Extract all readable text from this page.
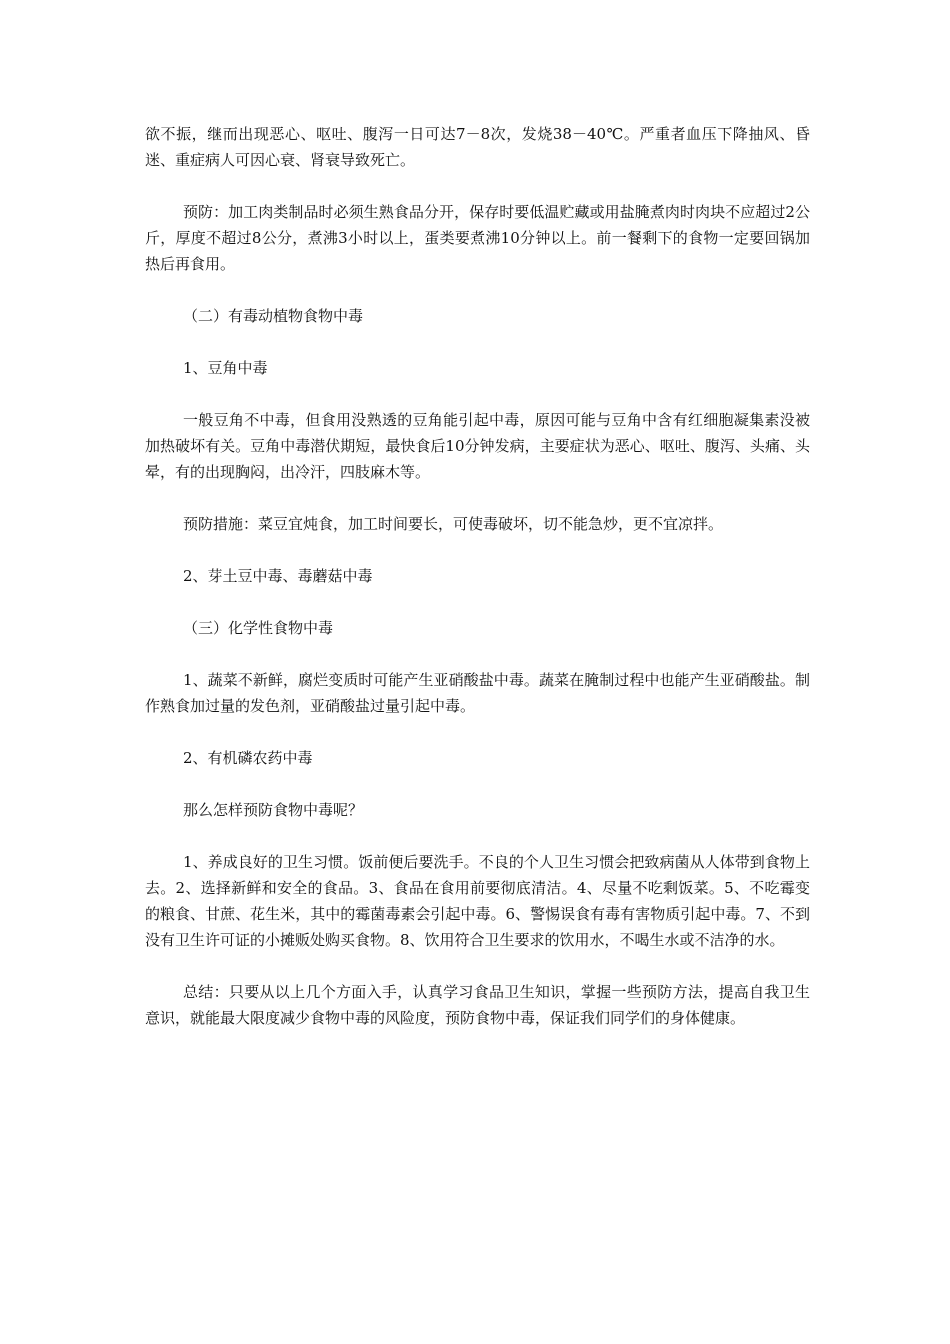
欲不振，继而出现恶心、呕吐、腹泻一日可达7－8次，发烧38－40℃。严重者血压下降抽风、昏迷、重症病人可因心衰、肾衰导致死亡。

预防：加工肉类制品时必须生熟食品分开，保存时要低温贮藏或用盐腌煮肉时肉块不应超过2公斤，厚度不超过8公分，煮沸3小时以上，蛋类要煮沸10分钟以上。前一餐剩下的食物一定要回锅加热后再食用。

（二）有毒动植物食物中毒

1、豆角中毒

一般豆角不中毒，但食用没熟透的豆角能引起中毒，原因可能与豆角中含有红细胞凝集素没被加热破坏有关。豆角中毒潜伏期短，最快食后10分钟发病，主要症状为恶心、呕吐、腹泻、头痛、头晕，有的出现胸闷，出冷汗，四肢麻木等。

预防措施：菜豆宜炖食，加工时间要长，可使毒破坏，切不能急炒，更不宜凉拌。

2、芽土豆中毒、毒蘑菇中毒

（三）化学性食物中毒

1、蔬菜不新鲜，腐烂变质时可能产生亚硝酸盐中毒。蔬菜在腌制过程中也能产生亚硝酸盐。制作熟食加过量的发色剂，亚硝酸盐过量引起中毒。

2、有机磷农药中毒

那么怎样预防食物中毒呢？

1、养成良好的卫生习惯。饭前便后要洗手。不良的个人卫生习惯会把致病菌从人体带到食物上去。2、选择新鲜和安全的食品。3、食品在食用前要彻底清洁。4、尽量不吃剩饭菜。5、不吃霉变的粮食、甘蔗、花生米，其中的霉菌毒素会引起中毒。6、警惕误食有毒有害物质引起中毒。7、不到没有卫生许可证的小摊贩处购买食物。8、饮用符合卫生要求的饮用水，不喝生水或不洁净的水。

总结：只要从以上几个方面入手，认真学习食品卫生知识，掌握一些预防方法，提高自我卫生意识，就能最大限度减少食物中毒的风险度，预防食物中毒，保证我们同学们的身体健康。
